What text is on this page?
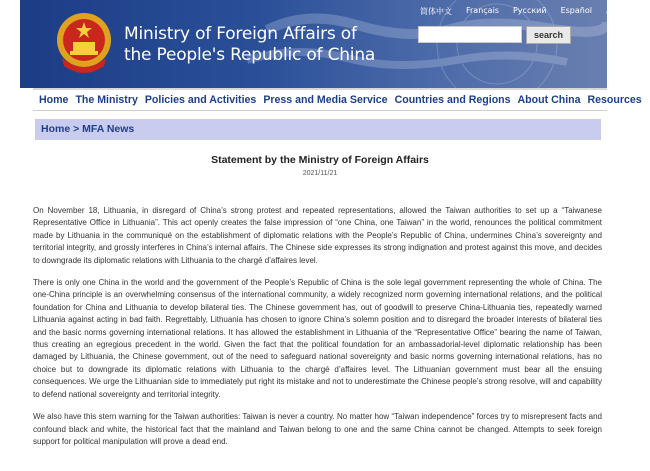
Ministry of Foreign Affairs of
the People's Republic of China
简体中文 Français Русский Español عربي
search
Home The Ministry Policies and Activities Press and Media Service Countries and Regions About China Resources
Home > MFA News
Statement by the Ministry of Foreign Affairs
2021/11/21

On November 18, Lithuania, in disregard of China’s strong protest and repeated representations, allowed the Taiwan authorities to set up a “Taiwanese Representative Office in Lithuania”. This act openly creates the false impression of “one China, one Taiwan” in the world, renounces the political commitment made by Lithuania in the communiqué on the establishment of diplomatic relations with the People’s Republic of China, undermines China’s sovereignty and territorial integrity, and grossly interferes in China’s internal affairs. The Chinese side expresses its strong indignation and protest against this move, and decides to downgrade its diplomatic relations with Lithuania to the chargé d’affaires level.

There is only one China in the world and the government of the People’s Republic of China is the sole legal government representing the whole of China. The one-China principle is an overwhelming consensus of the international community, a widely recognized norm governing international relations, and the political foundation for China and Lithuania to develop bilateral ties. The Chinese government has, out of goodwill to preserve China-Lithuania ties, repeatedly warned Lithuania against acting in bad faith. Regrettably, Lithuania has chosen to ignore China’s solemn position and to disregard the broader interests of bilateral ties and the basic norms governing international relations. It has allowed the establishment in Lithuania of the “Representative Office” bearing the name of Taiwan, thus creating an egregious precedent in the world. Given the fact that the political foundation for an ambassadorial-level diplomatic relationship has been damaged by Lithuania, the Chinese government, out of the need to safeguard national sovereignty and basic norms governing international relations, has no choice but to downgrade its diplomatic relations with Lithuania to the chargé d’affaires level. The Lithuanian government must bear all the ensuing consequences. We urge the Lithuanian side to immediately put right its mistake and not to underestimate the Chinese people’s strong resolve, will and capability to defend national sovereignty and territorial integrity.

We also have this stern warning for the Taiwan authorities: Taiwan is never a country. No matter how “Taiwan independence” forces try to misrepresent facts and confound black and white, the historical fact that the mainland and Taiwan belong to one and the same China cannot be changed. Attempts to seek foreign support for political manipulation will prove a dead end.
